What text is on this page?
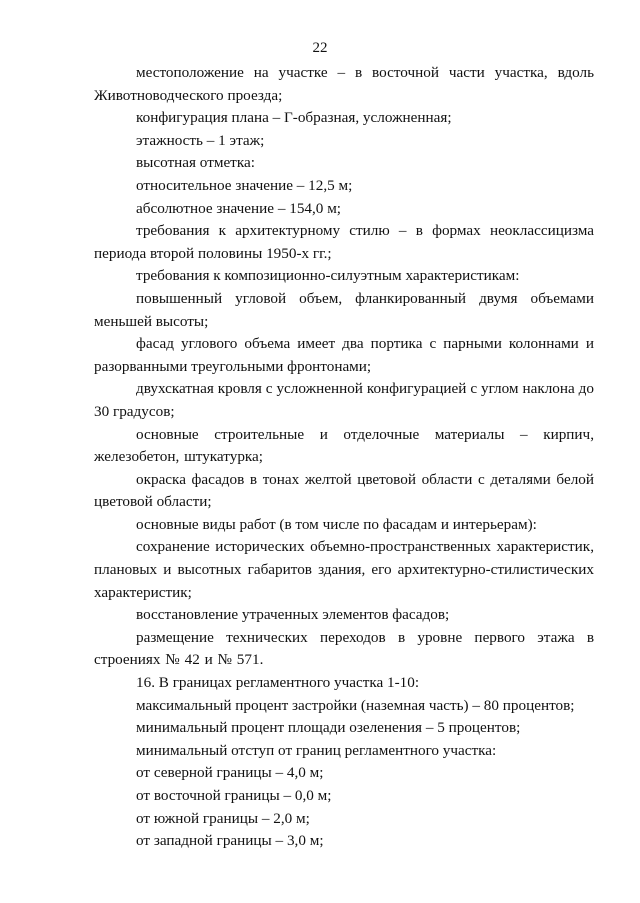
22

местоположение на участке – в восточной части участка, вдоль Животноводческого проезда;

конфигурация плана – Г-образная, усложненная;

этажность – 1 этаж;

высотная отметка:

относительное значение – 12,5 м;

абсолютное значение – 154,0 м;

требования к архитектурному стилю – в формах неоклассицизма периода второй половины 1950-х гг.;

требования к композиционно-силуэтным характеристикам:

повышенный угловой объем, фланкированный двумя объемами меньшей высоты;

фасад углового объема имеет два портика с парными колоннами и разорванными треугольными фронтонами;

двухскатная кровля с усложненной конфигурацией с углом наклона до 30 градусов;

основные строительные и отделочные материалы – кирпич, железобетон, штукатурка;

окраска фасадов в тонах желтой цветовой области с деталями белой цветовой области;

основные виды работ (в том числе по фасадам и интерьерам):

сохранение исторических объемно-пространственных характеристик, плановых и высотных габаритов здания, его архитектурно-стилистических характеристик;

восстановление утраченных элементов фасадов;

размещение технических переходов в уровне первого этажа в строениях № 42 и № 571.

16. В границах регламентного участка 1-10:

максимальный процент застройки (наземная часть) – 80 процентов;

минимальный процент площади озеленения – 5 процентов;

минимальный отступ от границ регламентного участка:

от северной границы – 4,0 м;

от восточной границы – 0,0 м;

от южной границы – 2,0 м;

от западной границы – 3,0 м;
